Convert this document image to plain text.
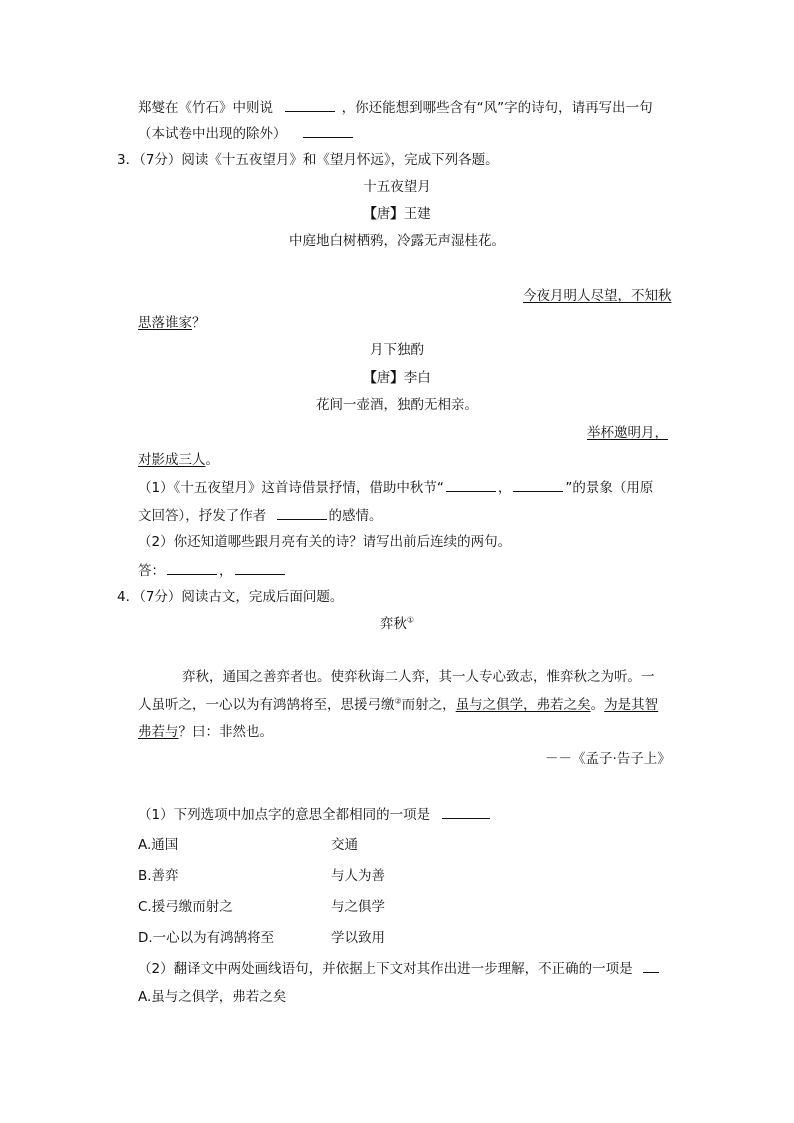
郑燮在《竹石》中则说	，你还能想到哪些含有“风”字的诗句，请再写出一句
（本试卷中出现的除外）
3．（7分）阅读《十五夜望月》和《望月怀远》，完成下列各题。
十五夜望月
【唐】王建
中庭地白树栖鸦，冷露无声湿桂花。
今夜月明人尽望，不知秋
思落谁家？
月下独酌
【唐】李白
花间一壶酒，独酌无相亲。
举杯邀明月，
对影成三人。
（1）《十五夜望月》这首诗借景抒情，借助中秋节“	，	”的景象（用原
文回答），抒发了作者	的感情。
（2）你还知道哪些跟月亮有关的诗？请写出前后连续的两句。
答：	，
4．（7分）阅读古文，完成后面问题。
弈秋①
弈秋，通国之善弈者也。使弈秋诲二人弈，其一人专心致志，惟弈秋之为听。一
人虽听之，一心以为有鸿鹄将至，思援弓缴②而射之，虽与之俱学，弗若之矣。为是其智
弗若与？曰：非然也。
－－《孟子·告子上》
（1）下列选项中加点字的意思全都相同的一项是
A.通国	交通
B.善弈	与人为善
C.援弓缴而射之	与之俱学
D.一心以为有鸿鹄将至	学以致用
（2）翻译文中两处画线语句，并依据上下文对其作出进一步理解，不正确的一项是
A.虽与之俱学，弗若之矣
